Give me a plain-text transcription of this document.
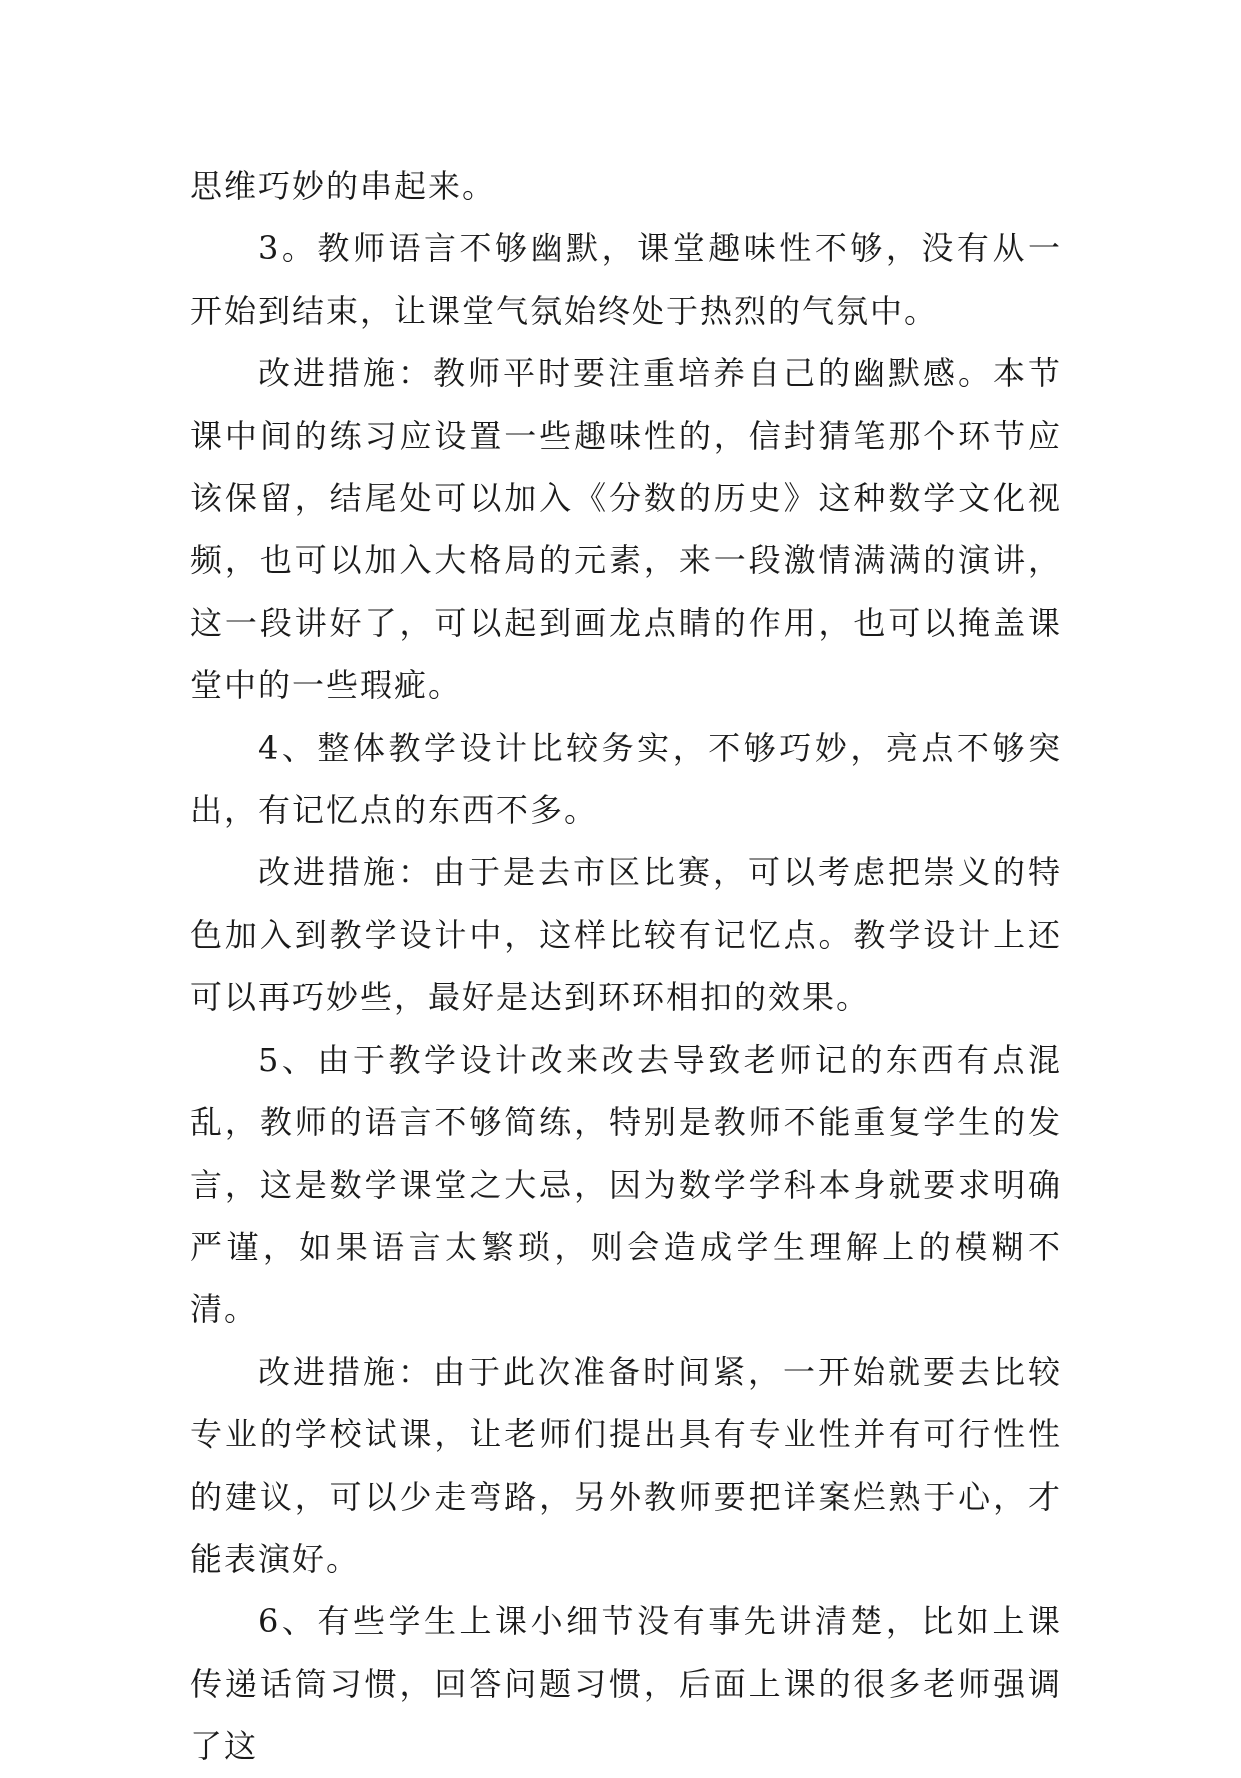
思维巧妙的串起来。

3。教师语言不够幽默，课堂趣味性不够，没有从一开始到结束，让课堂气氛始终处于热烈的气氛中。

改进措施：教师平时要注重培养自己的幽默感。本节课中间的练习应设置一些趣味性的，信封猜笔那个环节应该保留，结尾处可以加入《分数的历史》这种数学文化视频，也可以加入大格局的元素，来一段激情满满的演讲，这一段讲好了，可以起到画龙点睛的作用，也可以掩盖课堂中的一些瑕疵。

4、整体教学设计比较务实，不够巧妙，亮点不够突出，有记忆点的东西不多。

改进措施：由于是去市区比赛，可以考虑把崇义的特色加入到教学设计中，这样比较有记忆点。教学设计上还可以再巧妙些，最好是达到环环相扣的效果。

5、由于教学设计改来改去导致老师记的东西有点混乱，教师的语言不够简练，特别是教师不能重复学生的发言，这是数学课堂之大忌，因为数学学科本身就要求明确严谨，如果语言太繁琐，则会造成学生理解上的模糊不清。

改进措施：由于此次准备时间紧，一开始就要去比较专业的学校试课，让老师们提出具有专业性并有可行性性的建议，可以少走弯路，另外教师要把详案烂熟于心，才能表演好。

6、有些学生上课小细节没有事先讲清楚，比如上课传递话筒习惯，回答问题习惯，后面上课的很多老师强调了这
